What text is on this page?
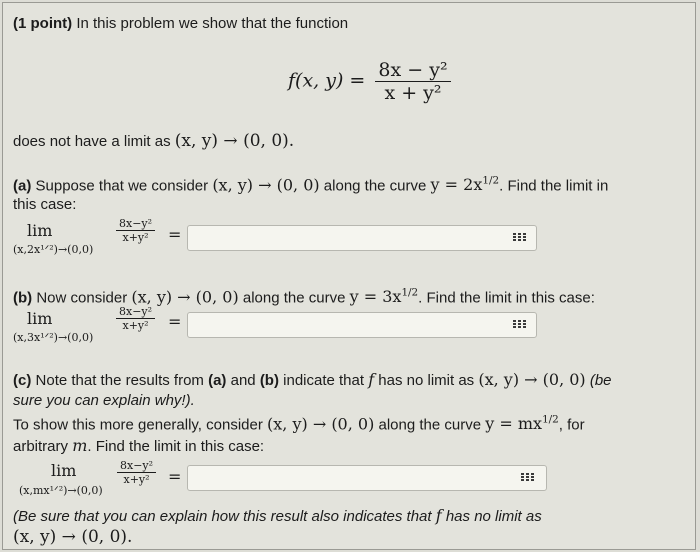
(1 point) In this problem we show that the function
f(x, $y) = \frac{\text{8x − y²}}{\text{x + y²}}$
does not have a limit as (x, y) → (0, 0).
(a) Suppose that we consider (x, y) → (0, 0) along the curve $y = 2x^{1/2}$. Find the limit in
this case:
lim
(x,2x¹ᐟ²)→(0,0)
$\frac{\text{8x−y²}}{\text{x+y²}}$ =
(b) Now consider (x, y) → (0, 0) along the curve $y = 3x^{1/2}$. Find the limit in this case:
lim
(x,3x¹ᐟ²)→(0,0)
$\frac{\text{8x−y²}}{\text{x+y²}}$ =
(c) Note that the results from (a) and (b) indicate that f has no limit as (x, y) → (0, 0) (be
sure you can explain why!).
To show this more generally, consider (x, y) → (0, 0) along the curve $y = mx^{1/2}$, for
arbitrary m. Find the limit in this case:
lim
(x,mx¹ᐟ²)→(0,0)
$\frac{\text{8x−y²}}{\text{x+y²}}$ =
(Be sure that you can explain how this result also indicates that f has no limit as
(x, y) → (0, 0).
